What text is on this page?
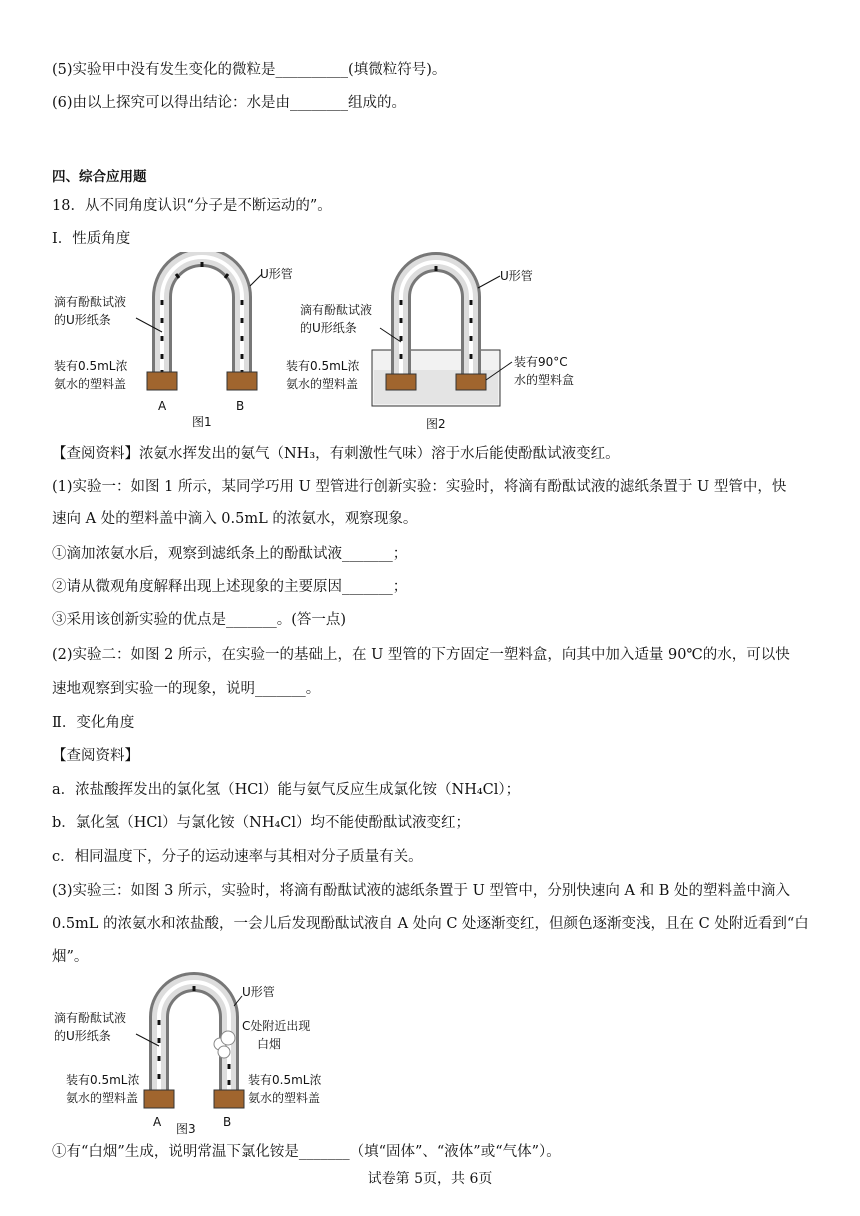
(5)实验甲中没有发生变化的微粒是__________(填微粒符号)。
(6)由以上探究可以得出结论：水是由________组成的。
四、综合应用题
18．从不同角度认识“分子是不断运动的”。
Ⅰ．性质角度
U形管
滴有酚酞试液
的U形纸条
装有0.5mL浓
氨水的塑料盖
A	B
图1
U形管
滴有酚酞试液
的U形纸条
装有0.5mL浓
氨水的塑料盖
装有90°C
水的塑料盒
图2
【查阅资料】浓氨水挥发出的氨气（NH₃，有刺激性气味）溶于水后能使酚酞试液变红。
(1)实验一：如图 1 所示，某同学巧用 U 型管进行创新实验：实验时，将滴有酚酞试液的滤纸条置于 U 型管中，快
速向 A 处的塑料盖中滴入 0.5mL 的浓氨水，观察现象。
①滴加浓氨水后，观察到滤纸条上的酚酞试液_______；
②请从微观角度解释出现上述现象的主要原因_______；
③采用该创新实验的优点是_______。(答一点)
(2)实验二：如图 2 所示，在实验一的基础上，在 U 型管的下方固定一塑料盒，向其中加入适量 90℃的水，可以快
速地观察到实验一的现象，说明_______。
Ⅱ．变化角度
【查阅资料】
a．浓盐酸挥发出的氯化氢（HCl）能与氨气反应生成氯化铵（NH₄Cl）；
b．氯化氢（HCl）与氯化铵（NH₄Cl）均不能使酚酞试液变红；
c．相同温度下，分子的运动速率与其相对分子质量有关。
(3)实验三：如图 3 所示，实验时，将滴有酚酞试液的滤纸条置于 U 型管中，分别快速向 A 和 B 处的塑料盖中滴入
0.5mL 的浓氨水和浓盐酸，一会儿后发现酚酞试液自 A 处向 C 处逐渐变红，但颜色逐渐变浅，且在 C 处附近看到“白
烟”。
U形管
滴有酚酞试液
的U形纸条
C处附近出现
白烟
装有0.5mL浓
氨水的塑料盖
装有0.5mL浓
氨水的塑料盖
A	B
图3
①有“白烟”生成，说明常温下氯化铵是_______（填“固体”、“液体”或“气体”）。
试卷第 5页，共 6页
